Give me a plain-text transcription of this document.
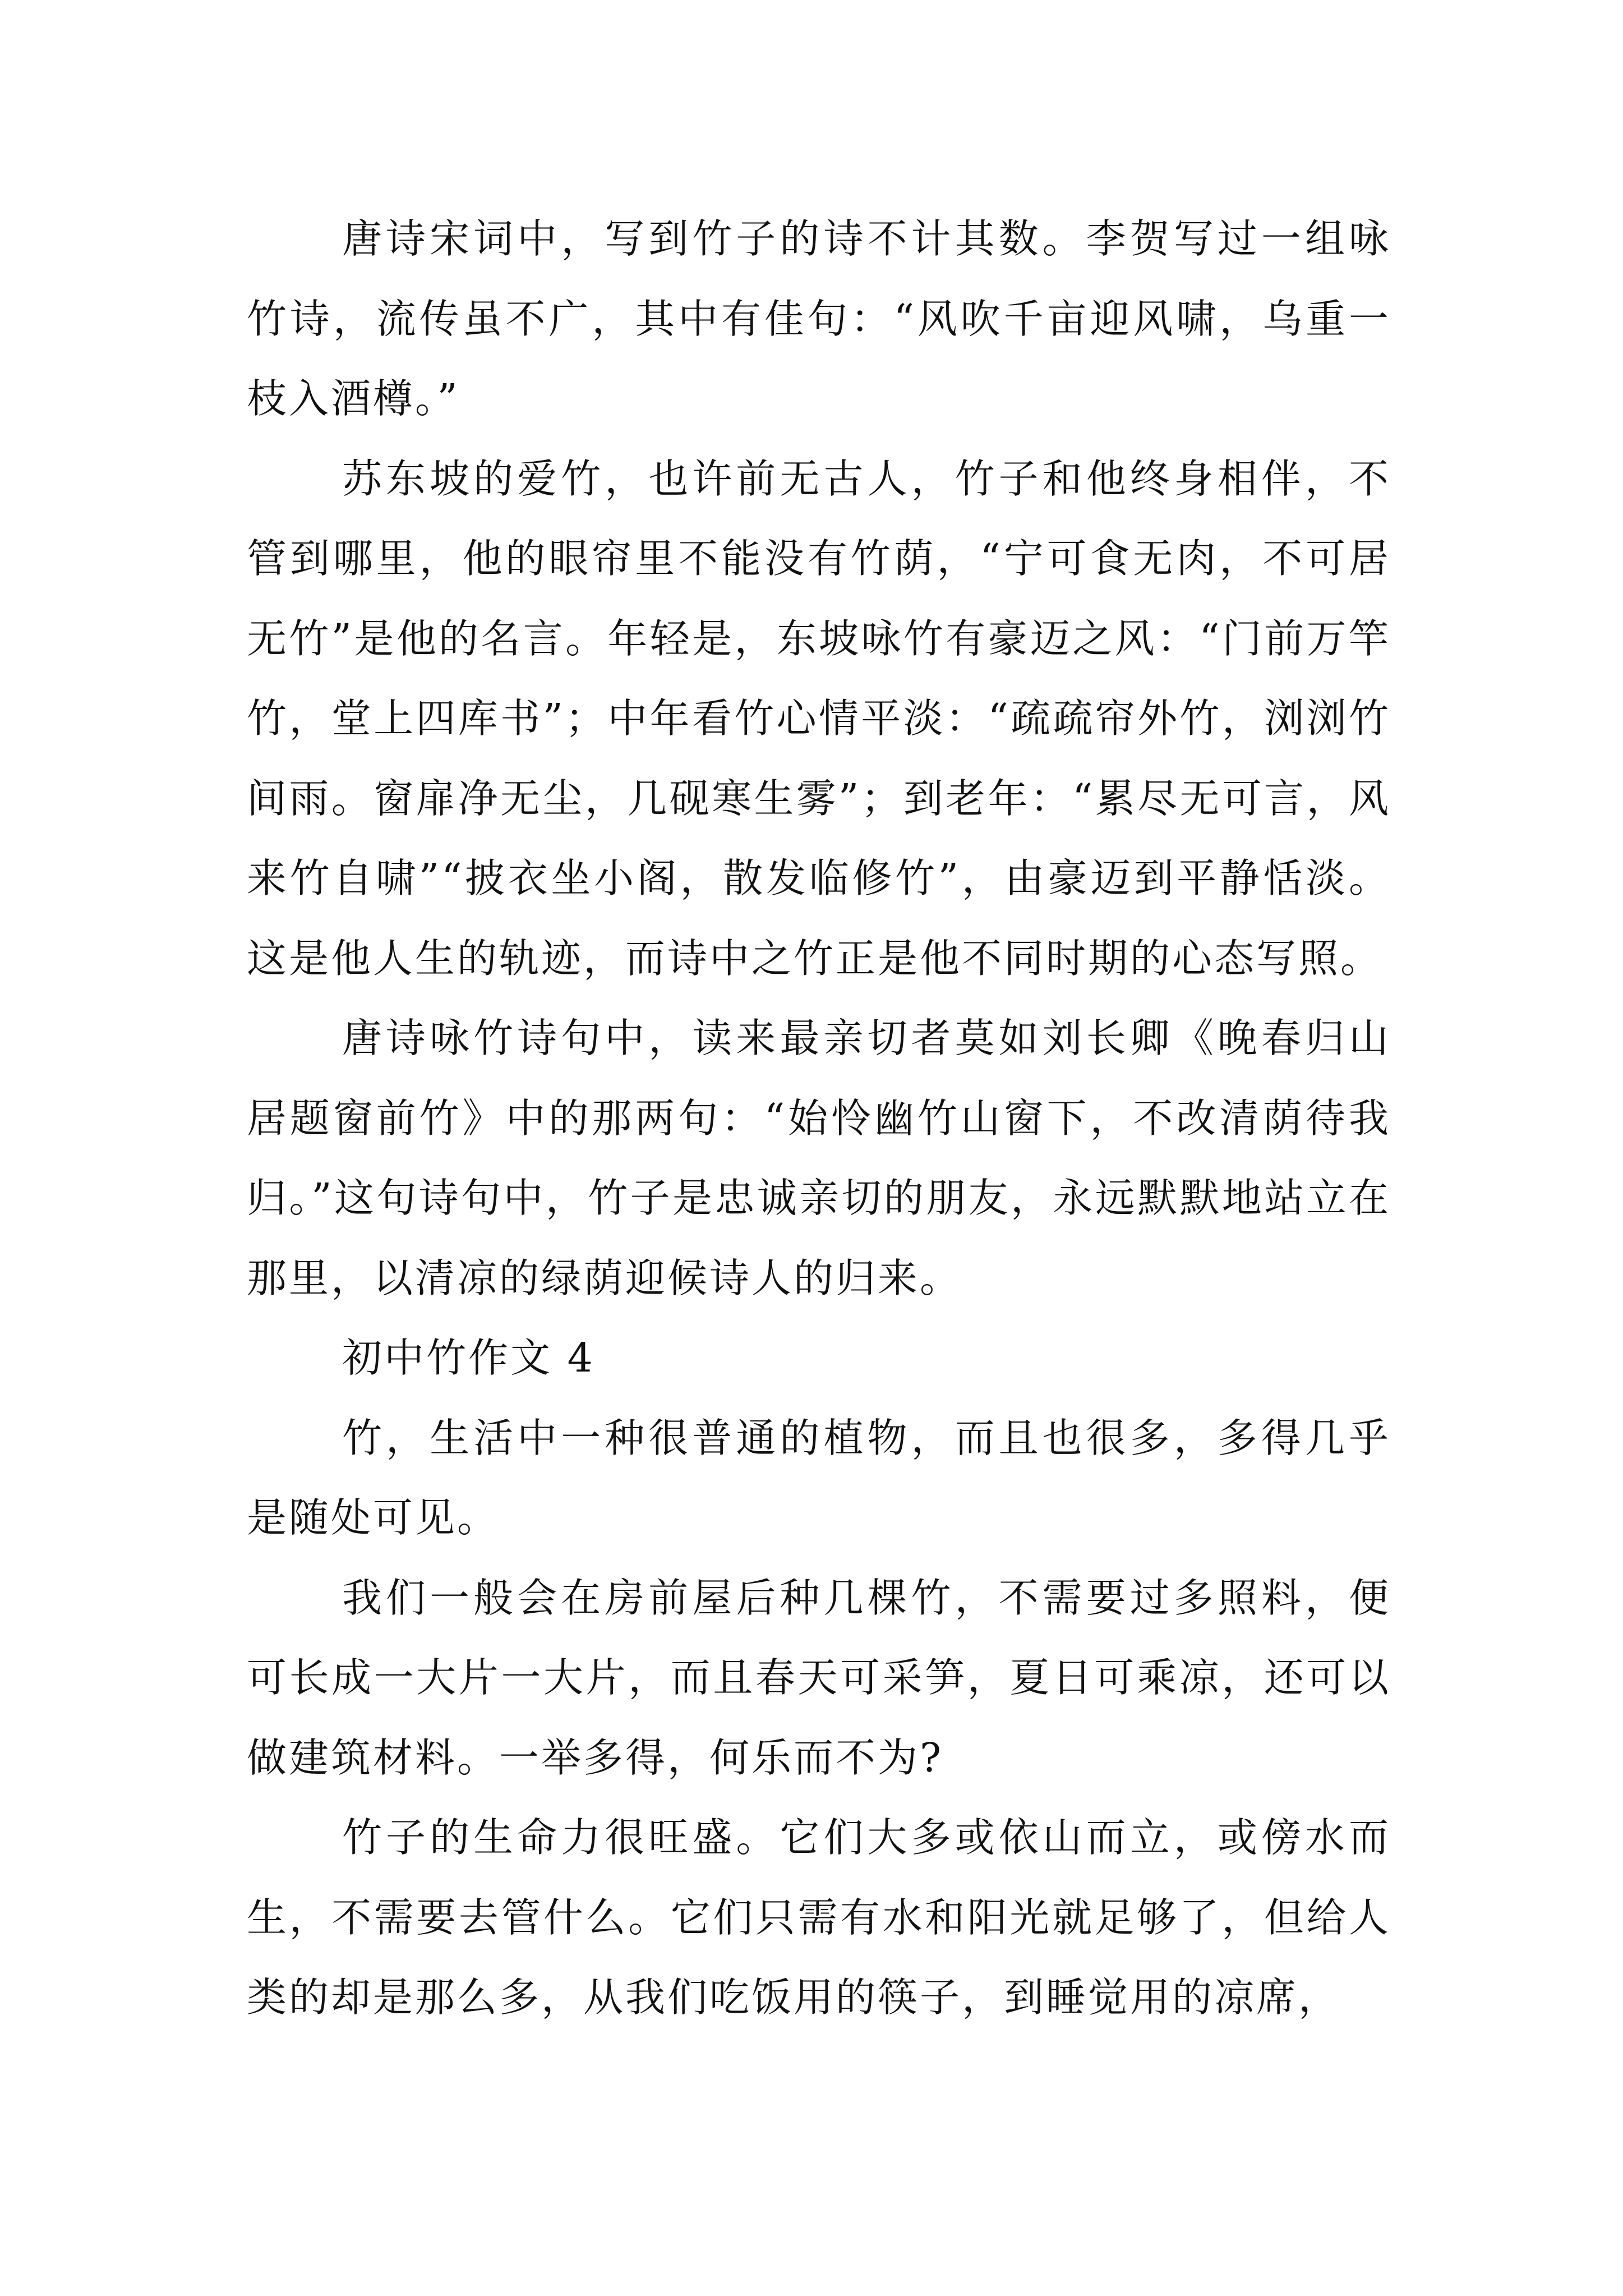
唐诗宋词中，写到竹子的诗不计其数。李贺写过一组咏竹诗，流传虽不广，其中有佳句：“风吹千亩迎风啸，乌重一枝入酒樽。”

苏东坡的爱竹，也许前无古人，竹子和他终身相伴，不管到哪里，他的眼帘里不能没有竹荫，“宁可食无肉，不可居无竹”是他的名言。年轻是，东坡咏竹有豪迈之风：“门前万竿竹，堂上四库书”；中年看竹心情平淡：“疏疏帘外竹，浏浏竹间雨。窗扉净无尘，几砚寒生雾”；到老年：“累尽无可言，风来竹自啸”“披衣坐小阁，散发临修竹”，由豪迈到平静恬淡。这是他人生的轨迹，而诗中之竹正是他不同时期的心态写照。

唐诗咏竹诗句中，读来最亲切者莫如刘长卿《晚春归山居题窗前竹》中的那两句：“始怜幽竹山窗下，不改清荫待我归。”这句诗句中，竹子是忠诚亲切的朋友，永远默默地站立在那里，以清凉的绿荫迎候诗人的归来。

初中竹作文 4

竹，生活中一种很普通的植物，而且也很多，多得几乎是随处可见。

我们一般会在房前屋后种几棵竹，不需要过多照料，便可长成一大片一大片，而且春天可采笋，夏日可乘凉，还可以做建筑材料。一举多得，何乐而不为?

竹子的生命力很旺盛。它们大多或依山而立，或傍水而生，不需要去管什么。它们只需有水和阳光就足够了，但给人类的却是那么多，从我们吃饭用的筷子，到睡觉用的凉席，
